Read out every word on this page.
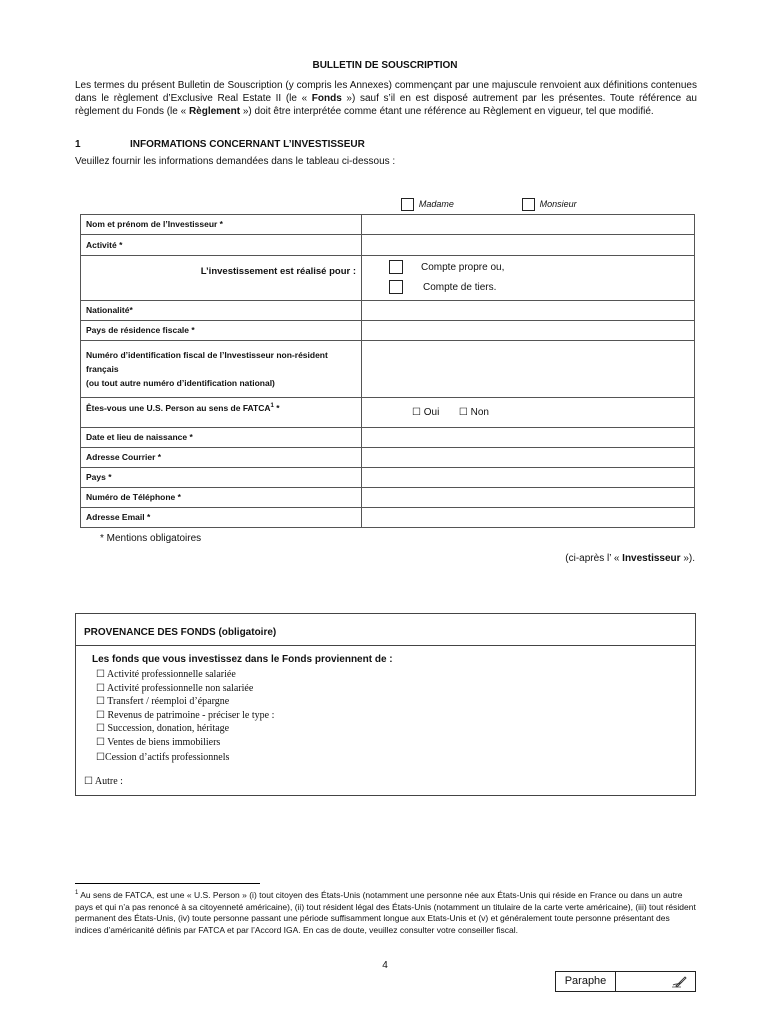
BULLETIN DE SOUSCRIPTION
Les termes du présent Bulletin de Souscription (y compris les Annexes) commençant par une majuscule renvoient aux définitions contenues dans le règlement d’Exclusive Real Estate II (le « Fonds ») sauf s’il en est disposé autrement par les présentes. Toute référence au règlement du Fonds (le « Règlement ») doit être interprétée comme étant une référence au Règlement en vigueur, tel que modifié.
1	INFORMATIONS CONCERNANT L’INVESTISSEUR
Veuillez fournir les informations demandées dans le tableau ci-dessous :
	Madame Monsieur
Nom et prénom de l’Investisseur *	
Activité *	
L’investissement est réalisé pour :	Compte propre ou,
Compte de tiers.

Nationalité*	
Pays de résidence fiscale *	

Numéro d’identification fiscal de l’Investisseur non-résident français
(ou tout autre numéro d’identification national)	

Êtes-vous une U.S. Person au sens de FATCA$^1$ *	☐ Oui ☐ Non
Date et lieu de naissance *	
Adresse Courrier *	
Pays *	
Numéro de Téléphone *	
Adresse Email *	
* Mentions obligatoires
(ci-après l’ « Investisseur »).
PROVENANCE DES FONDS (obligatoire)
Les fonds que vous investissez dans le Fonds proviennent de :
☐ Activité professionnelle salariée
☐ Activité professionnelle non salariée
☐ Transfert / réemploi d’épargne
☐ Revenus de patrimoine - préciser le type :
☐ Succession, donation, héritage
☐ Ventes de biens immobiliers
☐Cession d’actifs professionnels
☐ Autre :
$^1$ Au sens de FATCA, est une « U.S. Person » (i) tout citoyen des États-Unis (notamment une personne née aux États-Unis qui réside en France ou dans un autre pays et qui n’a pas renoncé à sa citoyenneté américaine), (ii) tout résident légal des États-Unis (notamment un titulaire de la carte verte américaine), (iii) tout résident permanent des États-Unis, (iv) toute personne passant une période suffisamment longue aux Etats-Unis et (v) et généralement toute personne présentant des indices d’américanité définis par FATCA et par l’Accord IGA. En cas de doute, veuillez consulter votre conseiller fiscal.
4
Paraphe
